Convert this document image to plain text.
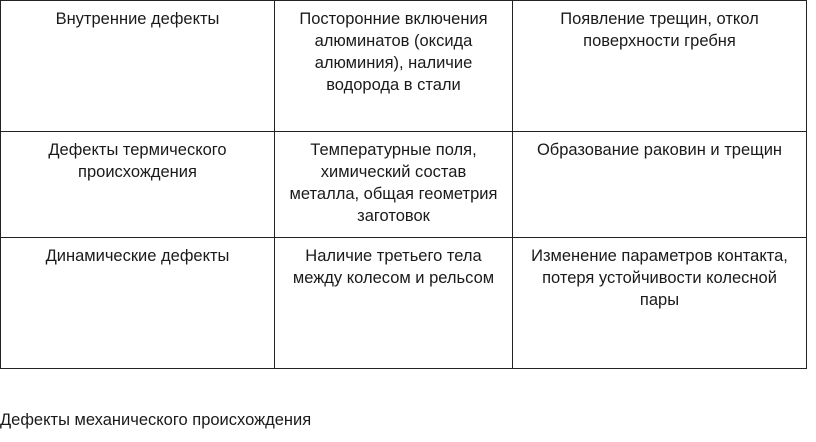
Внутренние дефекты	Посторонние включения алюминатов (оксида алюминия), наличие водорода в стали	Появление трещин, откол поверхности гребня
Дефекты термического происхождения	Температурные поля, химический состав металла, общая геометрия заготовок	Образование раковин и трещин
Динамические дефекты	Наличие третьего тела между колесом и рельсом	Изменение параметров контакта, потеря устойчивости колесной пары
Дефекты механического происхождения
